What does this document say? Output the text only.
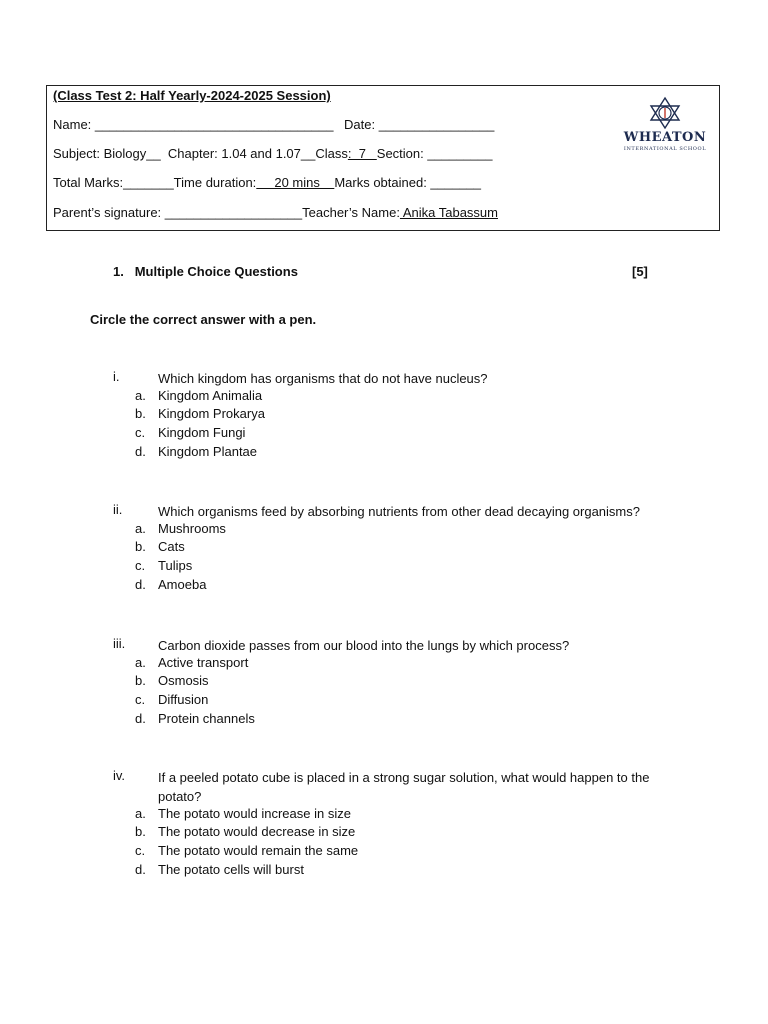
(Class Test 2: Half Yearly-2024-2025 Session)
Name: _________________________________ Date: ________________
Subject: Biology__  Chapter: 1.04 and 1.07__Class:  7   Section: _________
Total Marks:_______Time duration:     20 mins    Marks obtained: _______
Parent’s signature: ___________________Teacher’s Name: Anika Tabassum
WHEATON
INTERNATIONAL SCHOOL
1. Multiple Choice Questions	[5]
Circle the correct answer with a pen.
i.	Which kingdom has organisms that do not have nucleus?
a. Kingdom Animalia
b. Kingdom Prokarya
c. Kingdom Fungi
d. Kingdom Plantae
ii.	Which organisms feed by absorbing nutrients from other dead decaying organisms?
a. Mushrooms
b. Cats
c. Tulips
d. Amoeba
iii.	Carbon dioxide passes from our blood into the lungs by which process?
a. Active transport
b. Osmosis
c. Diffusion
d. Protein channels
iv.	If a peeled potato cube is placed in a strong sugar solution, what would happen to the potato?
a. The potato would increase in size
b. The potato would decrease in size
c. The potato would remain the same
d. The potato cells will burst
